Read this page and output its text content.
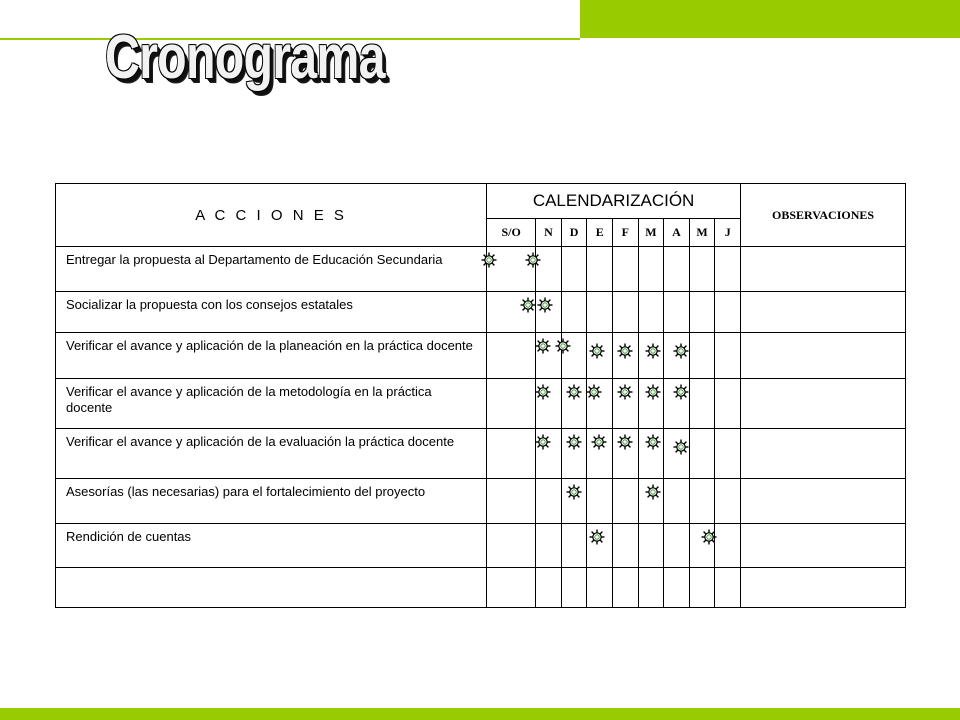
Cronograma
A C C I O N E S	CALENDARIZACIÓN									OBSERVACIONES
	S/O	N	D	E	F	M	A	M	J	
Entregar la propuesta al Departamento de Educación Secundaria										
Socializar la propuesta con los consejos estatales										
Verificar el avance y aplicación de la planeación en la práctica docente										
Verificar el avance y aplicación de la metodología en la práctica docente										
Verificar el avance y aplicación de la evaluación la práctica docente										
Asesorías (las necesarias) para el fortalecimiento del proyecto										
Rendición de cuentas										
